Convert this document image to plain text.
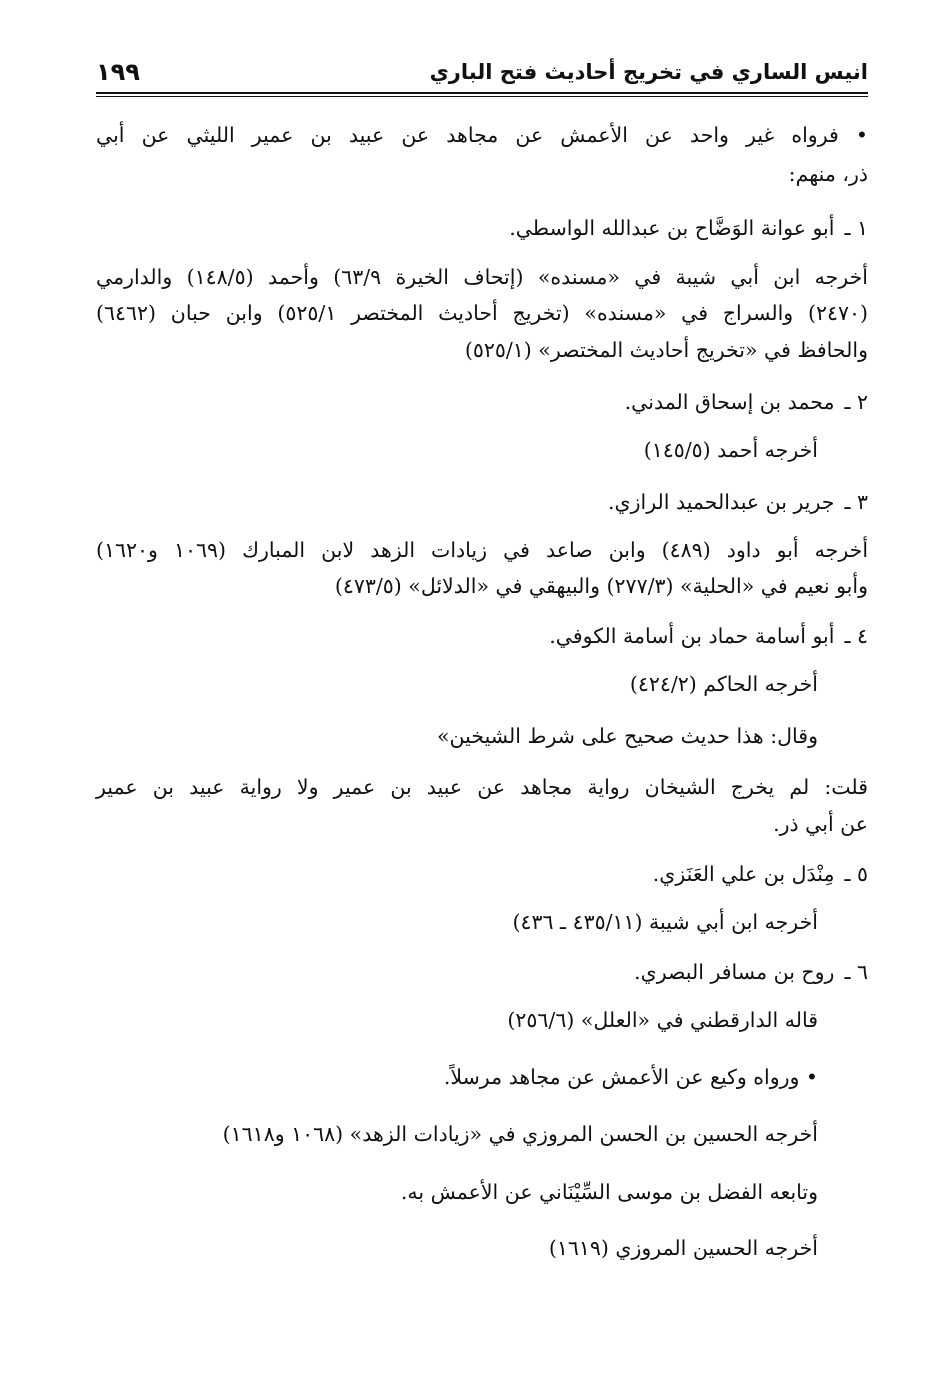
انيس الساري في تخريج أحاديث فتح الباري
١٩٩
• فرواه غير واحد عن الأعمش عن مجاهد عن عبيد بن عمير الليثي عن أبي
ذر، منهم:
١ ـأبو عوانة الوَضَّاح بن عبدالله الواسطي.
أخرجه ابن أبي شيبة في «مسنده» (إتحاف الخيرة ٦٣/٩) وأحمد (١٤٨/٥) والدارمي
(٢٤٧٠) والسراج في «مسنده» (تخريج أحاديث المختصر ٥٢٥/١) وابن حبان (٦٤٦٢)
والحافظ في «تخريج أحاديث المختصر» (٥٢٥/١)
٢ ـمحمد بن إسحاق المدني.
أخرجه أحمد (١٤٥/٥)
٣ ـجرير بن عبدالحميد الرازي.
أخرجه أبو داود (٤٨٩) وابن صاعد في زيادات الزهد لابن المبارك (١٠٦٩ و١٦٢٠)
وأبو نعيم في «الحلية» (٢٧٧/٣) والبيهقي في «الدلائل» (٤٧٣/٥)
٤ ـأبو أسامة حماد بن أسامة الكوفي.
أخرجه الحاكم (٤٢٤/٢)
وقال: هذا حديث صحيح على شرط الشيخين»
قلت: لم يخرج الشيخان رواية مجاهد عن عبيد بن عمير ولا رواية عبيد بن عمير
عن أبي ذر.
٥ ـمِنْدَل بن علي العَنَزي.
أخرجه ابن أبي شيبة (٤٣٥/١١ ـ ٤٣٦)
٦ ـروح بن مسافر البصري.
قاله الدارقطني في «العلل» (٢٥٦/٦)
• ورواه وكيع عن الأعمش عن مجاهد مرسلاً.
أخرجه الحسين بن الحسن المروزي في «زيادات الزهد» (١٠٦٨ و١٦١٨)
وتابعه الفضل بن موسى السِّيْنَاني عن الأعمش به.
أخرجه الحسين المروزي (١٦١٩)
